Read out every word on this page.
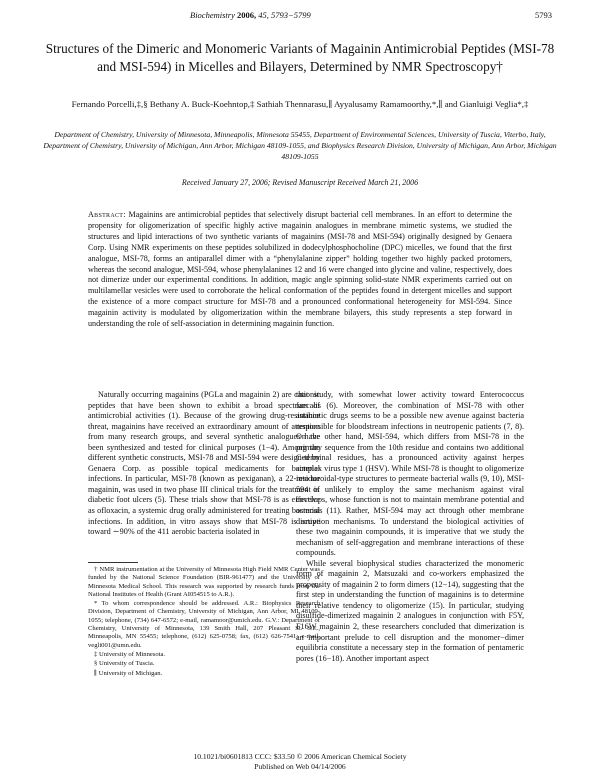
Biochemistry 2006, 45, 5793−5799	5793
Structures of the Dimeric and Monomeric Variants of Magainin Antimicrobial Peptides (MSI-78 and MSI-594) in Micelles and Bilayers, Determined by NMR Spectroscopy†
Fernando Porcelli,‡,§ Bethany A. Buck-Koehntop,‡ Sathiah Thennarasu,∥ Ayyalusamy Ramamoorthy,*,∥ and Gianluigi Veglia*,‡
Department of Chemistry, University of Minnesota, Minneapolis, Minnesota 55455, Department of Environmental Sciences, University of Tuscia, Viterbo, Italy, Department of Chemistry, University of Michigan, Ann Arbor, Michigan 48109-1055, and Biophysics Research Division, University of Michigan, Ann Arbor, Michigan 48109-1055
Received January 27, 2006; Revised Manuscript Received March 21, 2006
Abstract: Magainins are antimicrobial peptides that selectively disrupt bacterial cell membranes. In an effort to determine the propensity for oligomerization of specific highly active magainin analogues in membrane mimetic systems, we studied the structures and lipid interactions of two synthetic variants of magainins (MSI-78 and MSI-594) originally designed by Genaera Corp. Using NMR experiments on these peptides solubilized in dodecylphosphocholine (DPC) micelles, we found that the first analogue, MSI-78, forms an antiparallel dimer with a “phenylalanine zipper” holding together two highly packed protomers, whereas the second analogue, MSI-594, whose phenylalanines 12 and 16 were changed into glycine and valine, respectively, does not dimerize under our experimental conditions. In addition, magic angle spinning solid-state NMR experiments carried out on multilamellar vesicles were used to corroborate the helical conformation of the peptides found in detergent micelles and support the existence of a more compact structure for MSI-78 and a pronounced conformational heterogeneity for MSI-594. Since magainin activity is modulated by oligomerization within the membrane bilayers, this study represents a step forward in understanding the role of self-association in determining magainin function.

Naturally occurring magainins (PGLa and magainin 2) are cationic peptides that have been shown to exhibit a broad spectrum of antimicrobial activities (1). Because of the growing drug-resistance threat, magainins have received an extraordinary amount of attention from many research groups, and several synthetic analogues have been synthesized and tested for clinical purposes (1−4). Among the different synthetic constructs, MSI-78 and MSI-594 were designed by Genaera Corp. as possible topical medicaments for bacterial infections. In particular, MSI-78 (known as pexiganan), a 22-residue magainin, was used in two phase III clinical trials for the treatment of diabetic foot ulcers (5). These trials show that MSI-78 is as effective as ofloxacin, a systemic drug orally administered for treating bacterial infections. In addition, in vitro assays show that MSI-78 is active toward ∼90% of the 411 aerobic bacteria isolated in

† NMR instrumentation at the University of Minnesota High Field NMR Center was funded by the National Science Foundation (BIR-961477) and the University of Minnesota Medical School. This research was supported by research funds from the National Institutes of Health (Grant AI054515 to A.R.).

* To whom correspondence should be addressed. A.R.: Biophysics Research Division, Department of Chemistry, University of Michigan, Ann Arbor, MI 48109-1055; telephone, (734) 647-6572; e-mail, ramamoor@umich.edu. G.V.: Department of Chemistry, University of Minnesota, 139 Smith Hall, 207 Pleasant St. S.E., Minneapolis, MN 55455; telephone, (612) 625-0758; fax, (612) 626-7541; e-mail, vegli001@umn.edu.

‡ University of Minnesota.

§ University of Tuscia.

∥ University of Michigan.

that study, with somewhat lower activity toward Enterococcus faecalis (6). Moreover, the combination of MSI-78 with other antibiotic drugs seems to be a possible new avenue against bacteria responsible for bloodstream infections in neutropenic patients (7, 8). On the other hand, MSI-594, which differs from MSI-78 in the primary sequence from the 10th residue and contains two additional C-terminal residues, has a pronounced activity against herpes simplex virus type 1 (HSV). While MSI-78 is thought to oligomerize into toroidal-type structures to permeate bacterial walls (9, 10), MSI-594 is unlikely to employ the same mechanism against viral envelops, whose function is not to maintain membrane potential and osmosis (11). Rather, MSI-594 may act through other membrane disruption mechanisms. To understand the biological activities of these two magainin compounds, it is imperative that we study the mechanism of self-aggregation and membrane interactions of these compounds.

While several biophysical studies characterized the monomeric form of magainin 2, Matsuzaki and co-workers emphasized the propensity of magainin 2 to form dimers (12−14), suggesting that the first step in understanding the function of magainins is to determine their relative tendency to oligomerize (15). In particular, studying disulfide-dimerized magainin 2 analogues in conjunction with F5Y, F16W magainin 2, these researchers concluded that dimerization is an important prelude to cell disruption and the monomer−dimer equilibria constitute a necessary step in the formation of pentameric pores (16−18). Another important aspect

10.1021/bi0601813 CCC: $33.50 © 2006 American Chemical Society
Published on Web 04/14/2006
